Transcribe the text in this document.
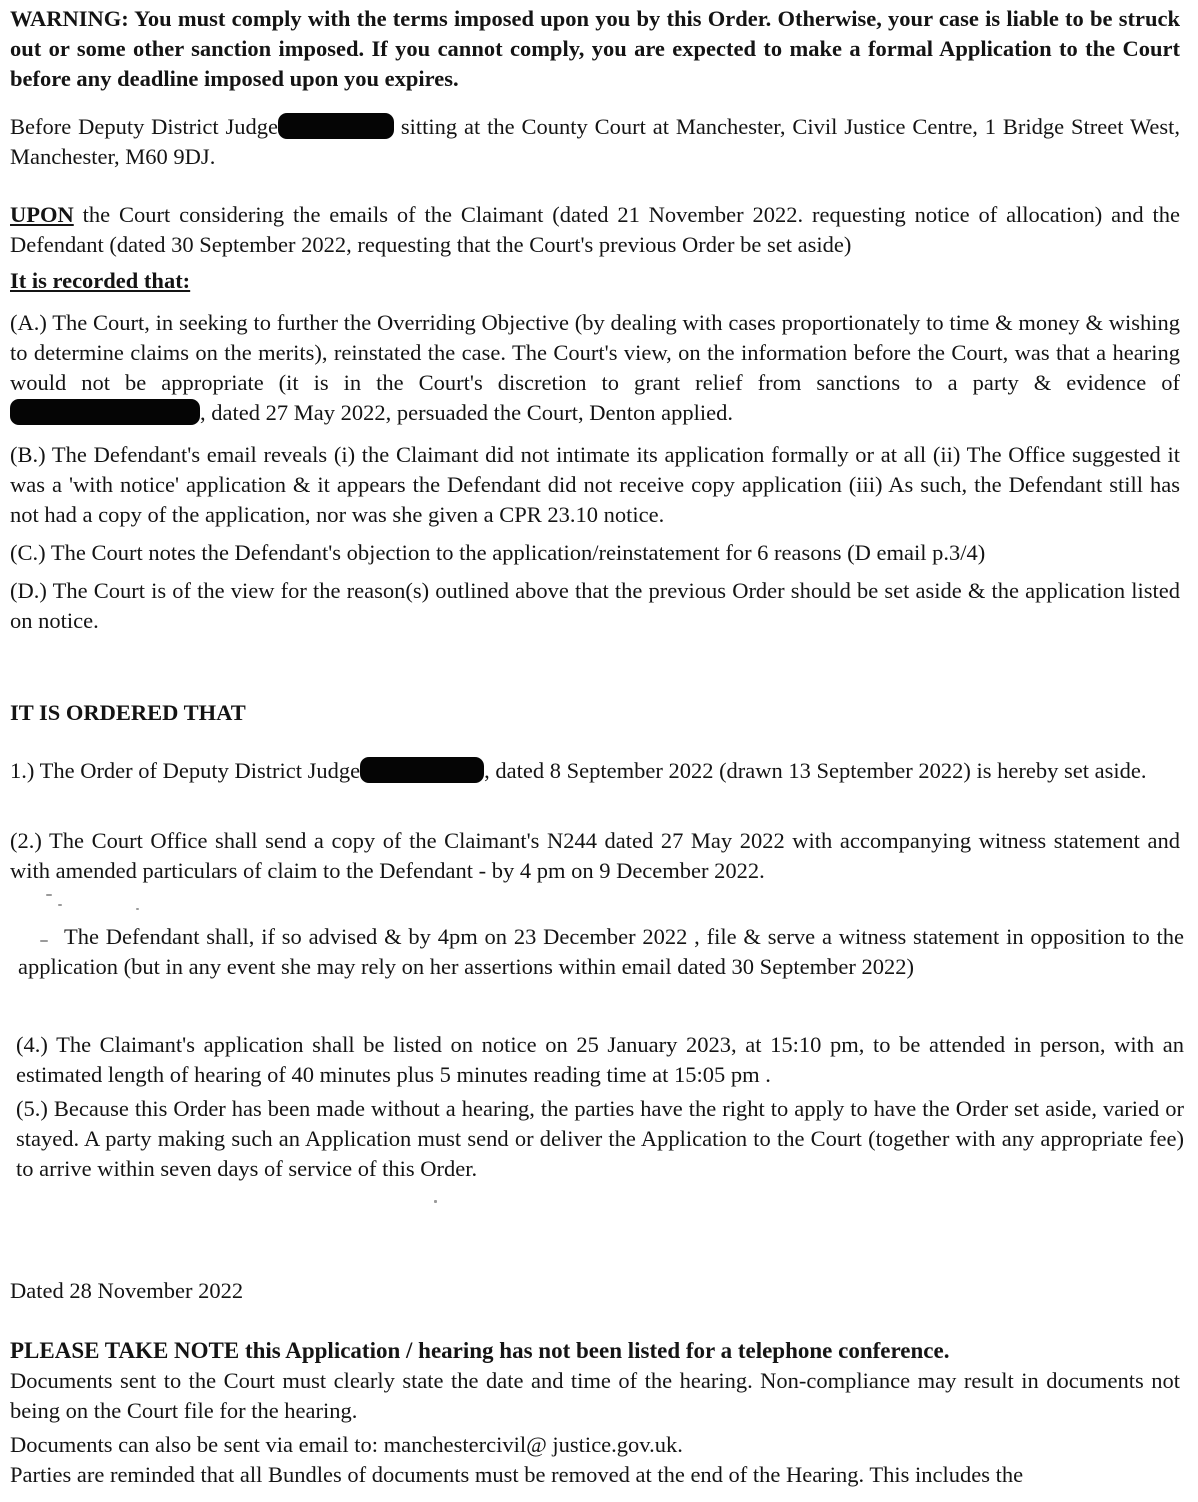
WARNING: You must comply with the terms imposed upon you by this Order. Otherwise, your case is liable to be struck out or some other sanction imposed. If you cannot comply, you are expected to make a formal Application to the Court before any deadline imposed upon you expires.
Before Deputy District Judge	sitting at the County Court at Manchester, Civil Justice Centre, 1 Bridge Street West, Manchester, M60 9DJ.
UPON the Court considering the emails of the Claimant (dated 21 November 2022. requesting notice of allocation) and the Defendant (dated 30 September 2022, requesting that the Court's previous Order be set aside)
It is recorded that:
(A.) The Court, in seeking to further the Overriding Objective (by dealing with cases proportionately to time & money & wishing to determine claims on the merits), reinstated the case. The Court's view, on the information before the Court, was that a hearing would not be appropriate (it is in the Court's discretion to grant relief from sanctions to a party & evidence of, dated 27 May 2022, persuaded the Court, Denton applied.
(B.) The Defendant's email reveals (i) the Claimant did not intimate its application formally or at all (ii) The Office suggested it was a 'with notice' application & it appears the Defendant did not receive copy application (iii) As such, the Defendant still has not had a copy of the application, nor was she given a CPR 23.10 notice.
(C.) The Court notes the Defendant's objection to the application/reinstatement for 6 reasons (D email p.3/4)
(D.) The Court is of the view for the reason(s) outlined above that the previous Order should be set aside & the application listed on notice.
IT IS ORDERED THAT
1.) The Order of Deputy District Judge	, dated 8 September 2022 (drawn 13 September 2022) is hereby set aside.
(2.) The Court Office shall send a copy of the Claimant's N244 dated 27 May 2022 with accompanying witness statement and with amended particulars of claim to the Defendant - by 4 pm on 9 December 2022.
The Defendant shall, if so advised & by 4pm on 23 December 2022 , file & serve a witness statement in opposition to the application (but in any event she may rely on her assertions within email dated 30 September 2022)
(4.) The Claimant's application shall be listed on notice on 25 January 2023, at 15:10 pm, to be attended in person, with an estimated length of hearing of 40 minutes plus 5 minutes reading time at 15:05 pm .
(5.) Because this Order has been made without a hearing, the parties have the right to apply to have the Order set aside, varied or stayed. A party making such an Application must send or deliver the Application to the Court (together with any appropriate fee) to arrive within seven days of service of this Order.
Dated 28 November 2022
PLEASE TAKE NOTE this Application / hearing has not been listed for a telephone conference.
Documents sent to the Court must clearly state the date and time of the hearing. Non-compliance may result in documents not being on the Court file for the hearing.
Documents can also be sent via email to: manchestercivil@ justice.gov.uk.
Parties are reminded that all Bundles of documents must be removed at the end of the Hearing. This includes the
